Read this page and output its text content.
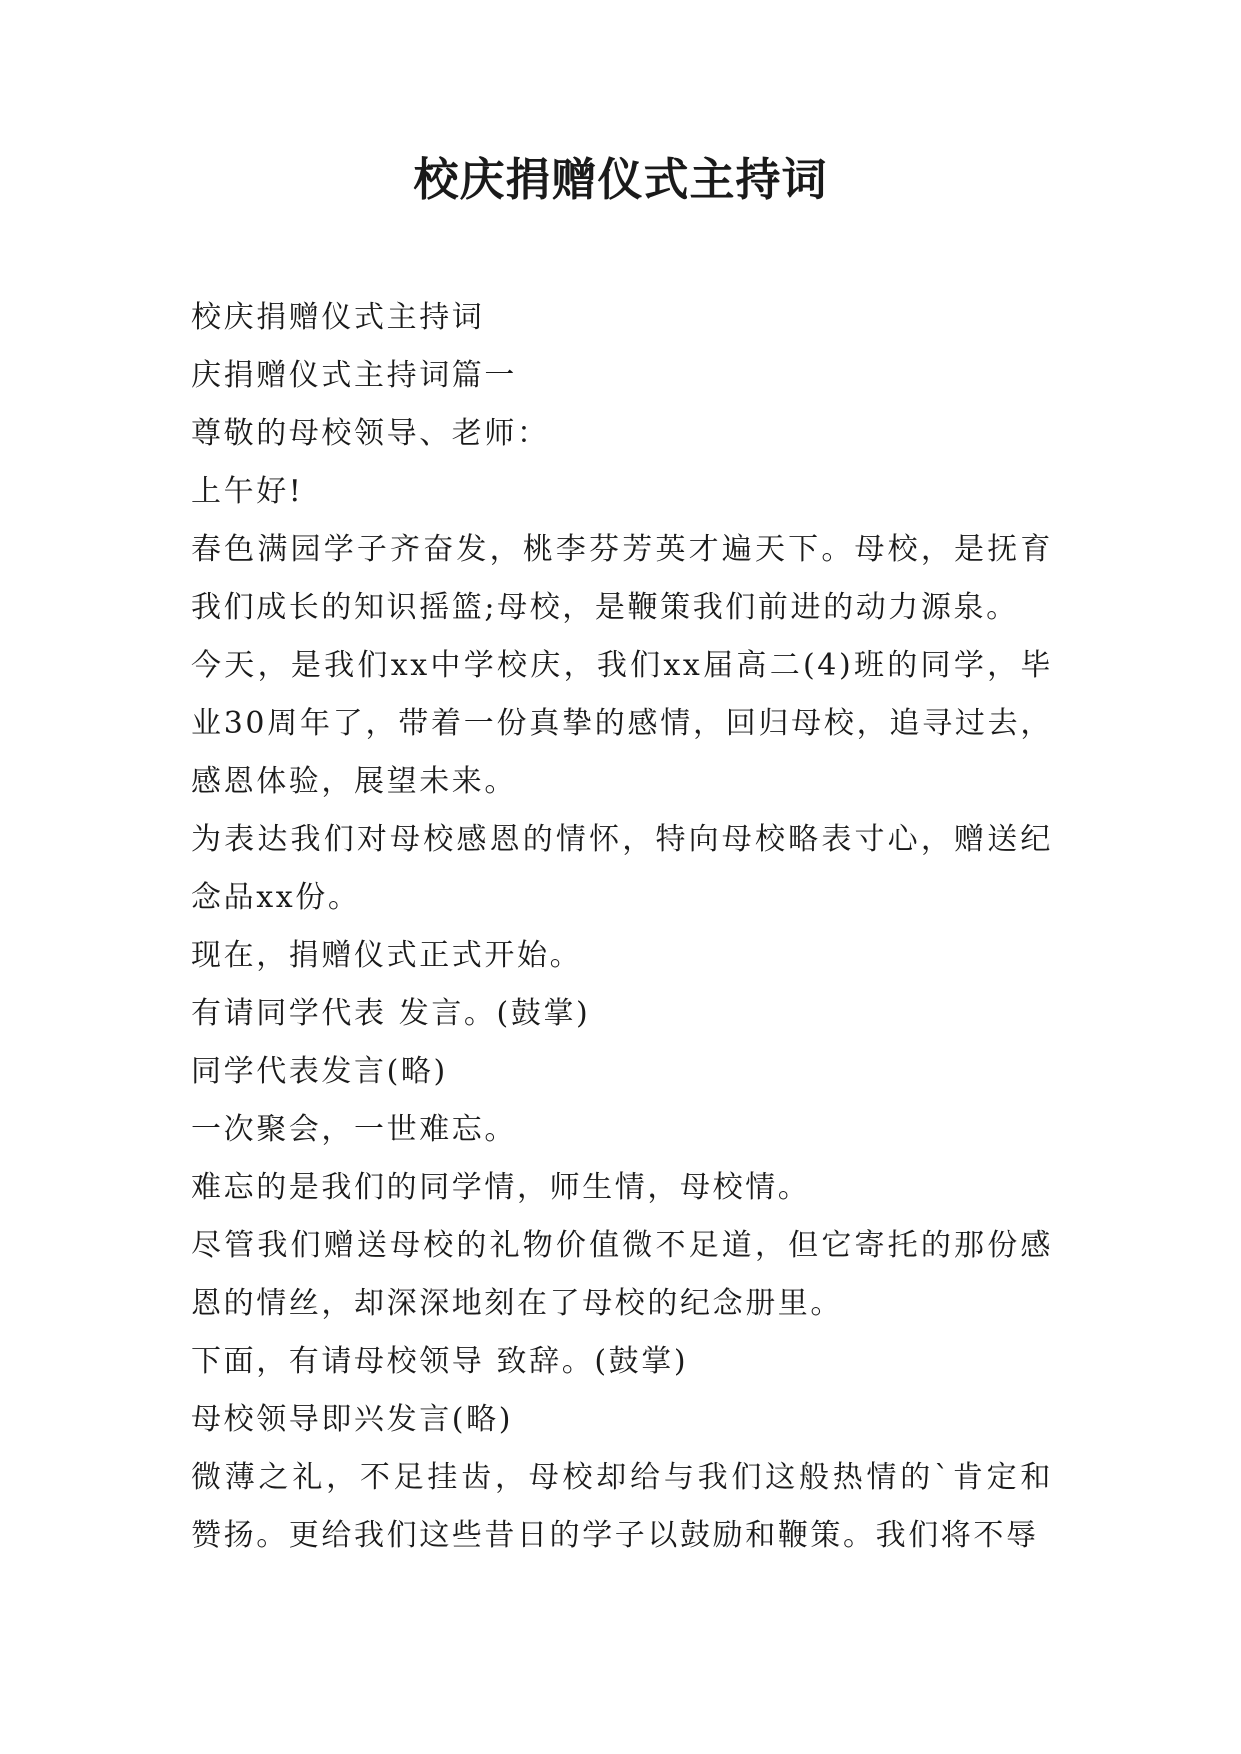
校庆捐赠仪式主持词

校庆捐赠仪式主持词

庆捐赠仪式主持词篇一

尊敬的母校领导、老师：

上午好!

春色满园学子齐奋发，桃李芬芳英才遍天下。母校，是抚育我们成长的知识摇篮;母校，是鞭策我们前进的动力源泉。

今天，是我们xx中学校庆，我们xx届高二(4)班的同学，毕业30周年了，带着一份真挚的感情，回归母校，追寻过去，感恩体验，展望未来。

为表达我们对母校感恩的情怀，特向母校略表寸心，赠送纪念品xx份。

现在，捐赠仪式正式开始。

有请同学代表 发言。(鼓掌)

同学代表发言(略)

一次聚会，一世难忘。

难忘的是我们的同学情，师生情，母校情。

尽管我们赠送母校的礼物价值微不足道，但它寄托的那份感恩的情丝，却深深地刻在了母校的纪念册里。

下面，有请母校领导 致辞。(鼓掌)

母校领导即兴发言(略)

微薄之礼，不足挂齿，母校却给与我们这般热情的`肯定和赞扬。更给我们这些昔日的学子以鼓励和鞭策。我们将不辱
